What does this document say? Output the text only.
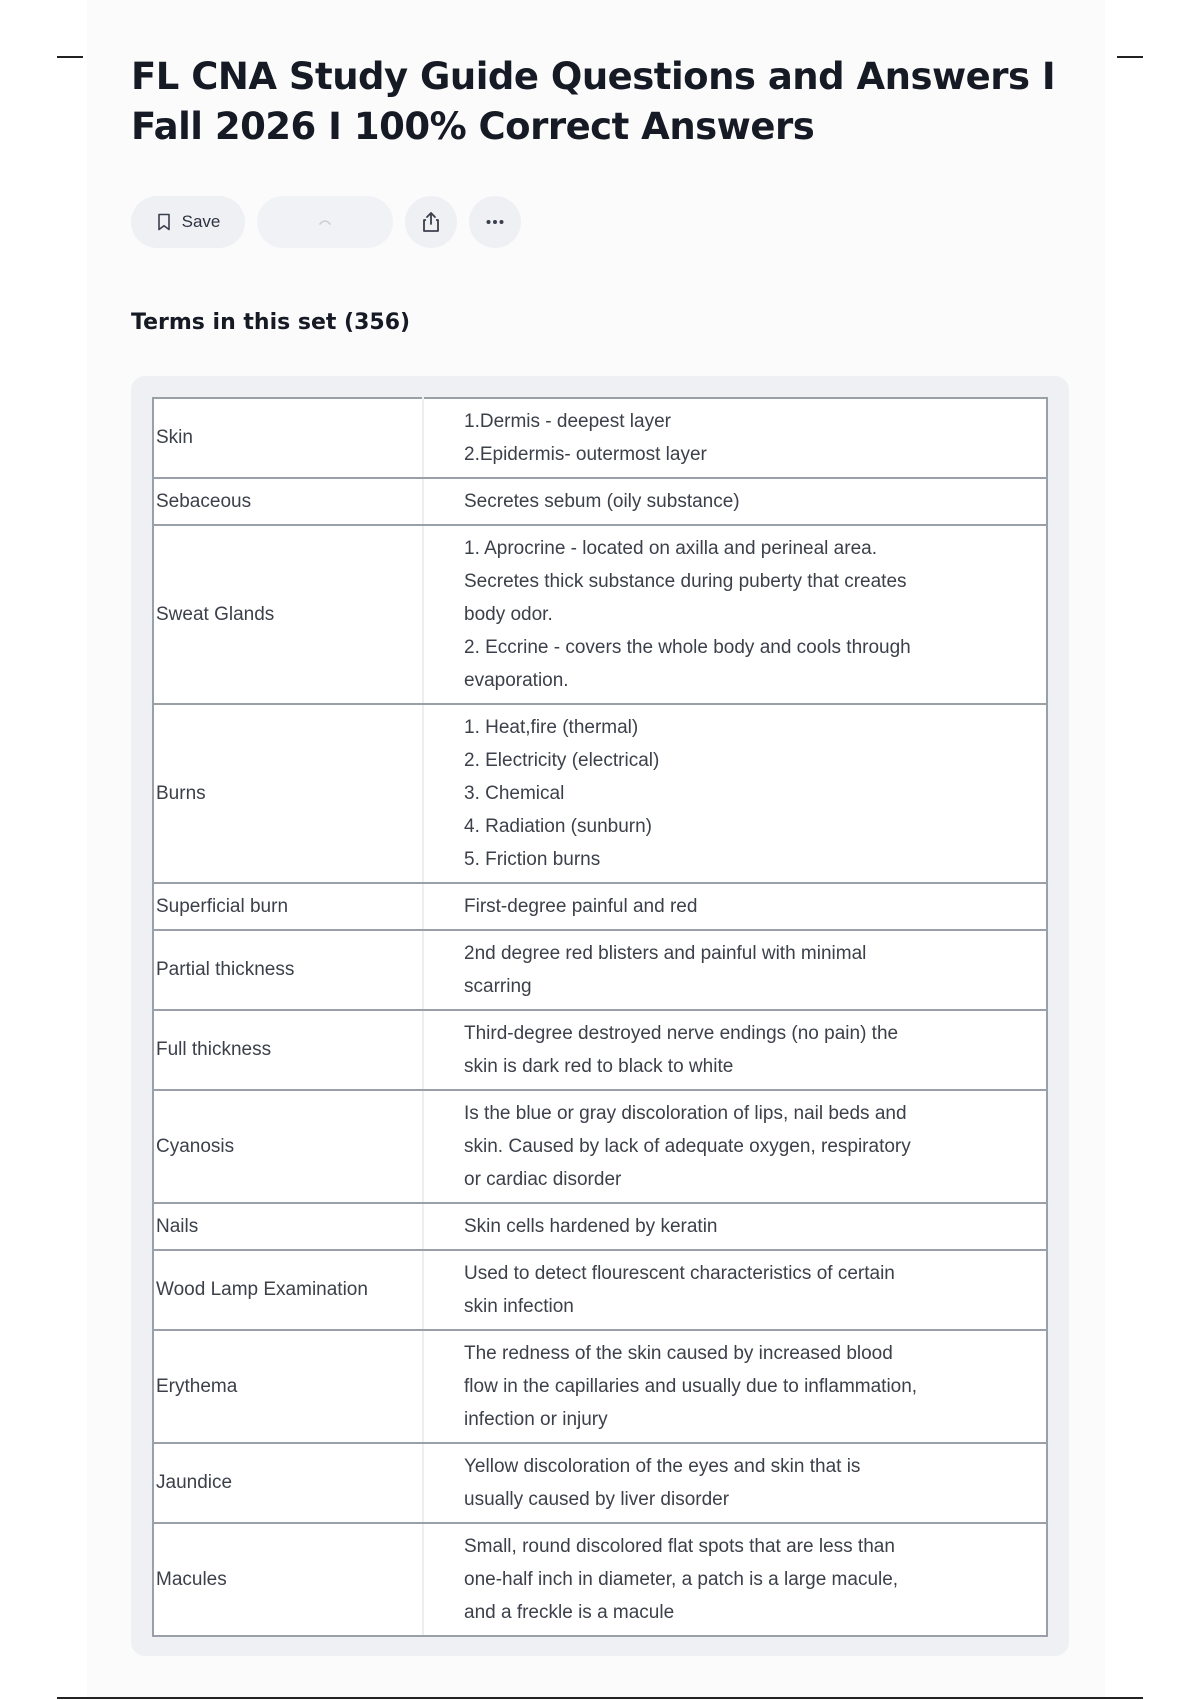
FL CNA Study Guide Questions and Answers I Fall 2026 I 100% Correct Answers
Save
Terms in this set (356)
Skin	1.Dermis - deepest layer
2.Epidermis- outermost layer

Sebaceous	Secretes sebum (oily substance)

Sweat Glands	1. Aprocrine - located on axilla and perineal area.
Secretes thick substance during puberty that creates
body odor.
2. Eccrine - covers the whole body and cools through
evaporation.

Burns	1. Heat,fire (thermal)
2. Electricity (electrical)
3. Chemical
4. Radiation (sunburn)
5. Friction burns

Superficial burn	First-degree painful and red

Partial thickness	2nd degree red blisters and painful with minimal
scarring

Full thickness	Third-degree destroyed nerve endings (no pain) the
skin is dark red to black to white

Cyanosis	Is the blue or gray discoloration of lips, nail beds and
skin. Caused by lack of adequate oxygen, respiratory
or cardiac disorder

Nails	Skin cells hardened by keratin

Wood Lamp Examination	Used to detect flourescent characteristics of certain
skin infection

Erythema	The redness of the skin caused by increased blood
flow in the capillaries and usually due to inflammation,
infection or injury

Jaundice	Yellow discoloration of the eyes and skin that is
usually caused by liver disorder

Macules	Small, round discolored flat spots that are less than
one-half inch in diameter, a patch is a large macule,
and a freckle is a macule
